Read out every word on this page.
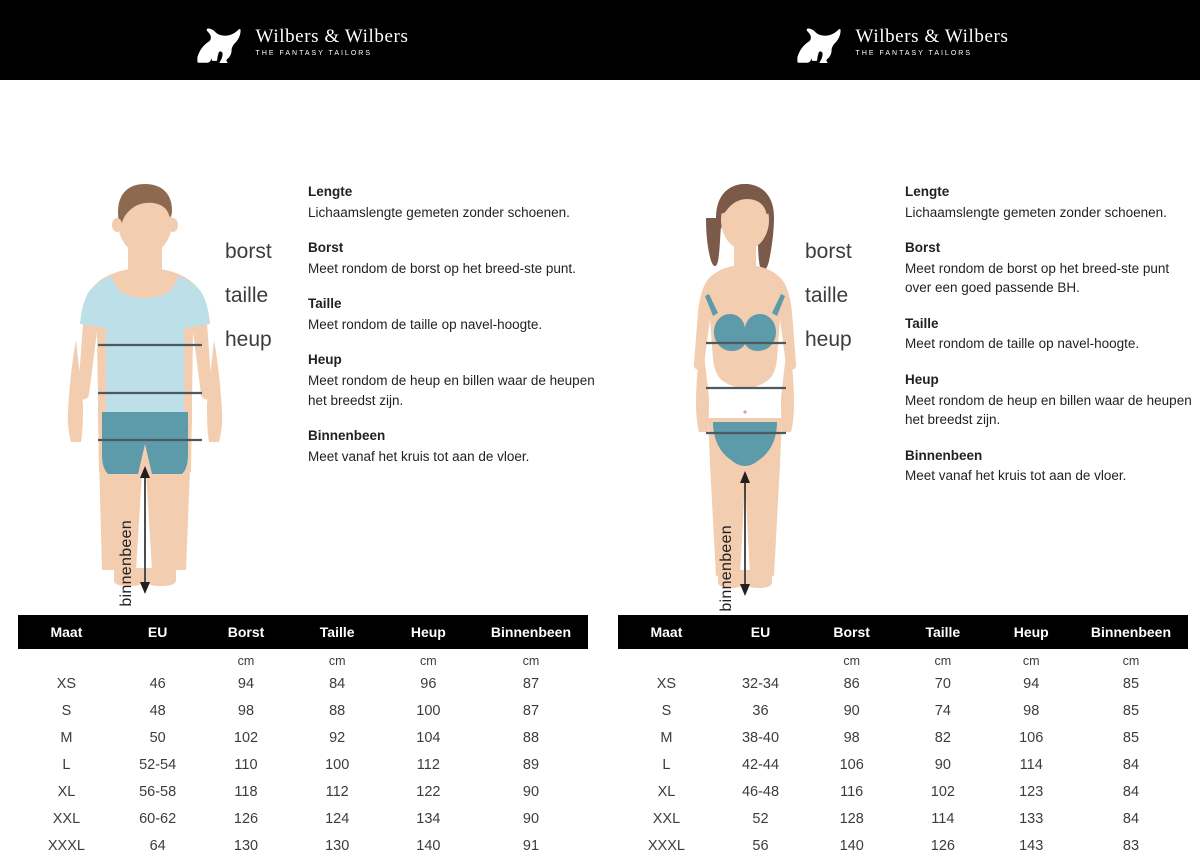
Wilbers & Wilbers
THE FANTASY TAILORS
Wilbers & Wilbers
THE FANTASY TAILORS
borst
taille
heup
binnenbeen
Lengte

Lichaamslengte gemeten zonder schoenen.

Borst

Meet rondom de borst op het breed-ste punt.

Taille

Meet rondom de taille op navel-hoogte.

Heup

Meet rondom de heup en billen waar de heupen het breedst zijn.

Binnenbeen

Meet vanaf het kruis tot aan de vloer.

Maat	EU	Borst	Taille	Heup	Binnenbeen
		cm	cm	cm	cm
XS	46	94	84	96	87
S	48	98	88	100	87
M	50	102	92	104	88
L	52-54	110	100	112	89
XL	56-58	118	112	122	90
XXL	60-62	126	124	134	90
XXXL	64	130	130	140	91
borst
taille
heup
binnenbeen
Lengte

Lichaamslengte gemeten zonder schoenen.

Borst

Meet rondom de borst op het breed-ste punt over een goed passende BH.

Taille

Meet rondom de taille op navel-hoogte.

Heup

Meet rondom de heup en billen waar de heupen het breedst zijn.

Binnenbeen

Meet vanaf het kruis tot aan de vloer.

Maat	EU	Borst	Taille	Heup	Binnenbeen
		cm	cm	cm	cm
XS	32-34	86	70	94	85
S	36	90	74	98	85
M	38-40	98	82	106	85
L	42-44	106	90	114	84
XL	46-48	116	102	123	84
XXL	52	128	114	133	84
XXXL	56	140	126	143	83
